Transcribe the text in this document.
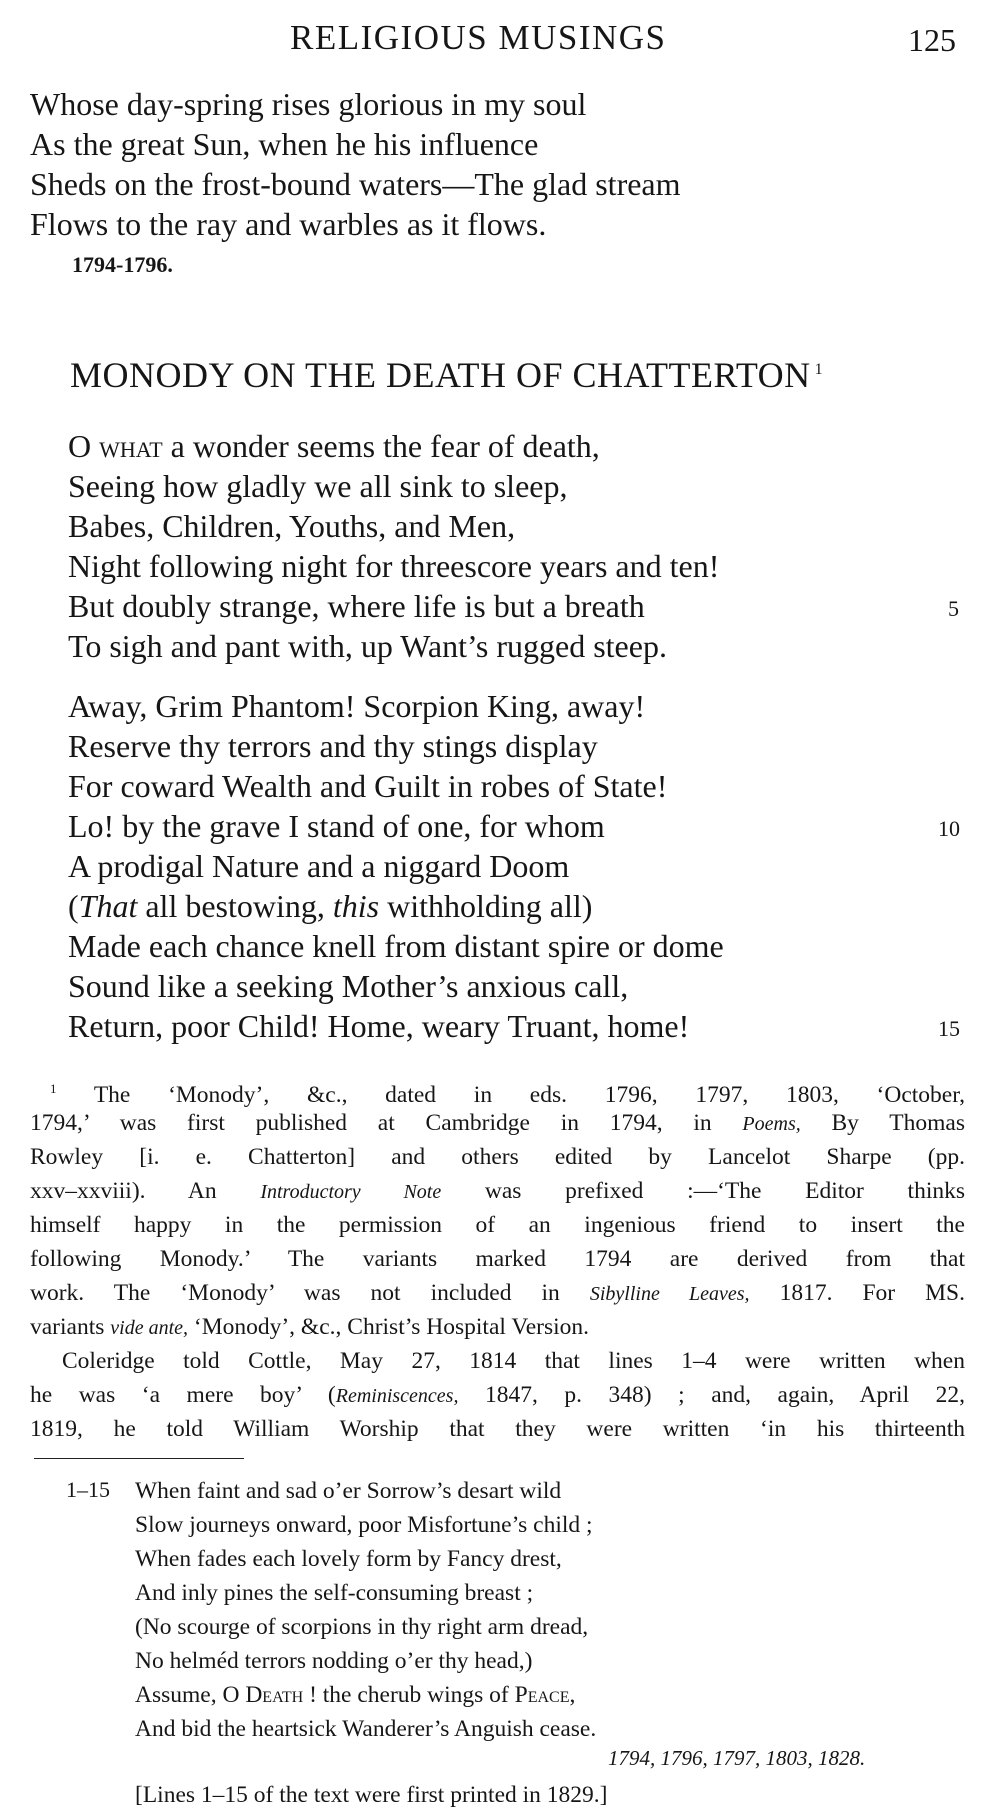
RELIGIOUS MUSINGS	125
Whose day-spring rises glorious in my soul
As the great Sun, when he his influence
Sheds on the frost-bound waters—The glad stream
Flows to the ray and warbles as it flows.
1794-1796.
MONODY ON THE DEATH OF CHATTERTON $^1$
O what a wonder seems the fear of death,
Seeing how gladly we all sink to sleep,
Babes, Children, Youths, and Men,
Night following night for threescore years and ten!
But doubly strange, where life is but a breath	5
To sigh and pant with, up Want’s rugged steep.
Away, Grim Phantom! Scorpion King, away!
Reserve thy terrors and thy stings display
For coward Wealth and Guilt in robes of State!
Lo! by the grave I stand of one, for whom	10
A prodigal Nature and a niggard Doom
(That all bestowing, this withholding all)
Made each chance knell from distant spire or dome
Sound like a seeking Mother’s anxious call,
Return, poor Child! Home, weary Truant, home!	15
$^1$ The ‘Monody’, &c., dated in eds. 1796, 1797, 1803, ‘October,
1794,’ was first published at Cambridge in 1794, in Poems, By Thomas
Rowley [i. e. Chatterton] and others edited by Lancelot Sharpe (pp.
xxv–xxviii). An Introductory Note was prefixed :—‘The Editor thinks
himself happy in the permission of an ingenious friend to insert the
following Monody.’ The variants marked 1794 are derived from that
work. The ‘Monody’ was not included in Sibylline Leaves, 1817. For MS.
variants vide ante, ‘Monody’, &c., Christ’s Hospital Version.
Coleridge told Cottle, May 27, 1814 that lines 1–4 were written when
he was ‘a mere boy’ (Reminiscences, 1847, p. 348) ; and, again, April 22,
1819, he told William Worship that they were written ‘in his thirteenth
1–15 When faint and sad o’er Sorrow’s desart wild
Slow journeys onward, poor Misfortune’s child ;
When fades each lovely form by Fancy drest,
And inly pines the self-consuming breast ;
(No scourge of scorpions in thy right arm dread,
No helméd terrors nodding o’er thy head,)
Assume, O Death ! the cherub wings of Peace,
And bid the heartsick Wanderer’s Anguish cease.
1794, 1796, 1797, 1803, 1828.
[Lines 1–15 of the text were first printed in 1829.]
